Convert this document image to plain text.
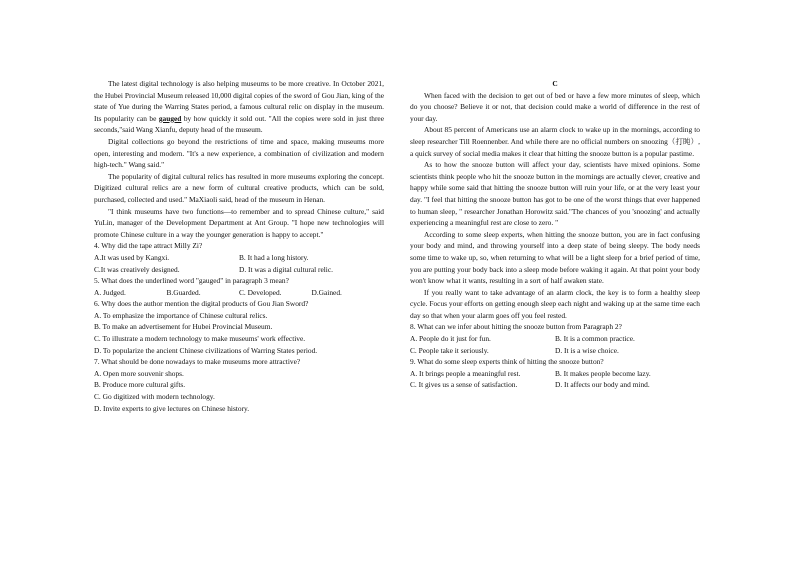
The latest digital technology is also helping museums to be more creative. In October 2021, the Hubei Provincial Museum released 10,000 digital copies of the sword of Gou Jian, king of the state of Yue during the Warring States period, a famous cultural relic on display in the museum. Its popularity can be gauged by how quickly it sold out. "All the copies were sold in just three seconds,"said Wang Xianfu, deputy head of the museum.

Digital collections go beyond the restrictions of time and space, making museums more open, interesting and modern. "It's a new experience, a combination of civilization and modern high-tech." Wang said."

The popularity of digital cultural relics has resulted in more museums exploring the concept. Digitized cultural relics are a new form of cultural creative products, which can be sold, purchased, collected and used." MaXiaoli said, head of the museum in Henan.

"I think museums have two functions—to remember and to spread Chinese culture," said YuLin, manager of the Development Department at Ant Group. "I hope new technologies will promote Chinese culture in a way the younger generation is happy to accept."

4. Why did the tape attract Milly Zi?

A.It was used by Kangxi.	B. It had a long history.
C.It was creatively designed.	D. It was a digital cultural relic.

5. What does the underlined word "gauged" in paragraph 3 mean?

A. Judged.	B.Guarded.	C. Developed.	D.Gained.

6. Why does the author mention the digital products of Gou Jian Sword?

A. To emphasize the importance of Chinese cultural relics.

B. To make an advertisement for Hubei Provincial Museum.

C. To illustrate a modern technology to make museums' work effective.

D. To popularize the ancient Chinese civilizations of Warring States period.

7. What should be done nowadays to make museums more attractive?

A. Open more souvenir shops.

B. Produce more cultural gifts.

C. Go digitized with modern technology.

D. Invite experts to give lectures on Chinese history.

C

When faced with the decision to get out of bed or have a few more minutes of sleep, which do you choose? Believe it or not, that decision could make a world of difference in the rest of your day.

About 85 percent of Americans use an alarm clock to wake up in the mornings, according to sleep researcher Till Roennenber. And while there are no official numbers on snoozing（打盹）, a quick survey of social media makes it clear that hitting the snooze button is a popular pastime.

As to how the snooze button will affect your day, scientists have mixed opinions. Some scientists think people who hit the snooze button in the mornings are actually clever, creative and happy while some said that hitting the snooze button will ruin your life, or at the very least your day. "I feel that hitting the snooze button has got to be one of the worst things that ever happened to human sleep, " researcher Jonathan Horowitz said."The chances of you 'snoozing' and actually experiencing a meaningful rest are close to zero. "

According to some sleep experts, when hitting the snooze button, you are in fact confusing your body and mind, and throwing yourself into a deep state of being sleepy. The body needs some time to wake up, so, when returning to what will be a light sleep for a brief period of time, you are putting your body back into a sleep mode before waking it again. At that point your body won't know what it wants, resulting in a sort of half awaken state.

If you really want to take advantage of an alarm clock, the key is to form a healthy sleep cycle. Focus your efforts on getting enough sleep each night and waking up at the same time each day so that when your alarm goes off you feel rested.

8. What can we infer about hitting the snooze button from Paragraph 2?

A. People do it just for fun.	B. It is a common practice.
C. People take it seriously.	D. It is a wise choice.

9. What do some sleep experts think of hitting the snooze button?

A. It brings people a meaningful rest.	B. It makes people become lazy.
C. It gives us a sense of satisfaction.	D. It affects our body and mind.
